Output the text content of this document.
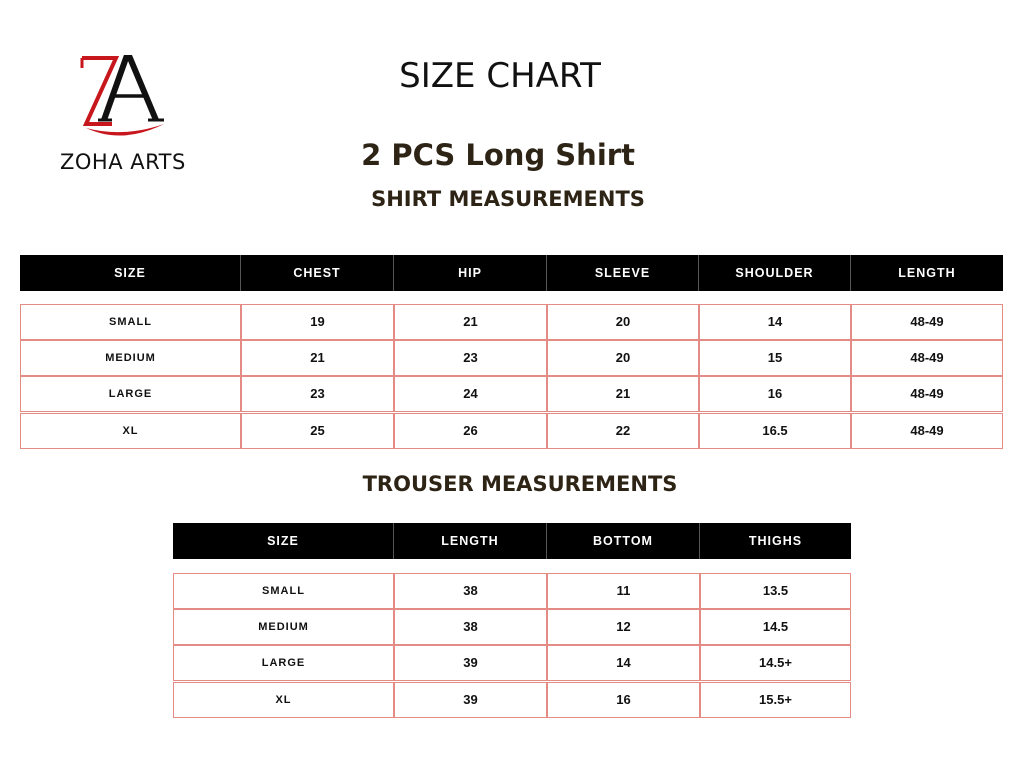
ZOHA ARTS
SIZE CHART
2 PCS Long Shirt
SHIRT MEASUREMENTS
SIZE	CHEST	HIP	SLEEVE	SHOULDER	LENGTH
SMALL	19	21	20	14	48-49
MEDIUM	21	23	20	15	48-49
LARGE	23	24	21	16	48-49
XL	25	26	22	16.5	48-49
TROUSER MEASUREMENTS
SIZE	LENGTH	BOTTOM	THIGHS
SMALL	38	11	13.5
MEDIUM	38	12	14.5
LARGE	39	14	14.5+
XL	39	16	15.5+
